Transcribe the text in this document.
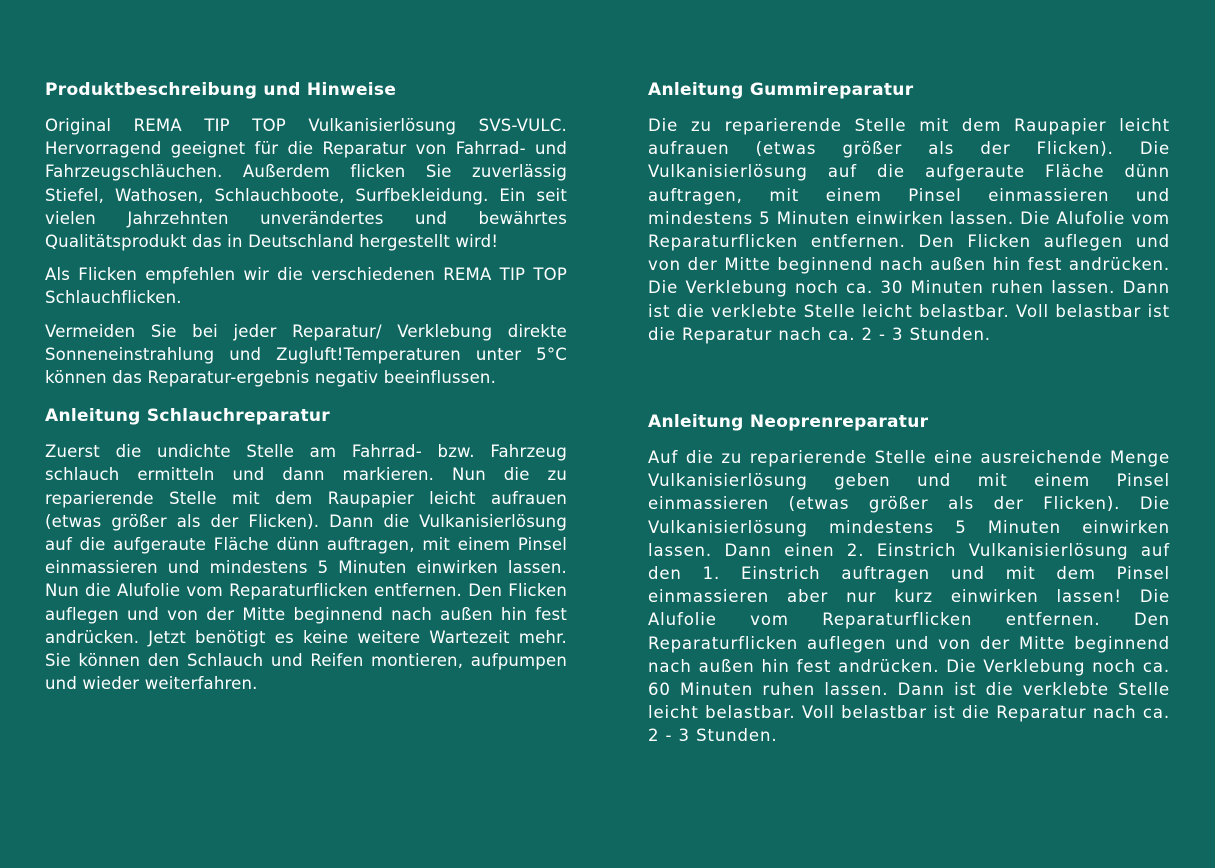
Produktbeschreibung und Hinweise

Original REMA TIP TOP Vulkanisierlösung SVS-VULC. Hervorragend geeignet für die Reparatur von Fahrrad- und Fahrzeugschläuchen. Außerdem flicken Sie zuverlässig Stiefel, Wathosen, Schlauchboote, Surfbekleidung. Ein seit vielen Jahrzehnten unverändertes und bewährtes Qualitätsprodukt das in Deutschland hergestellt wird!

Als Flicken empfehlen wir die verschiedenen REMA TIP TOP Schlauchflicken.

Vermeiden Sie bei jeder Reparatur/ Verklebung direkte Sonneneinstrahlung und Zugluft!Temperaturen unter 5°C können das Reparatur-ergebnis negativ beeinflussen.

Anleitung Schlauchreparatur

Zuerst die undichte Stelle am Fahrrad- bzw. Fahrzeug schlauch ermitteln und dann markieren. Nun die zu reparierende Stelle mit dem Raupapier leicht aufrauen (etwas größer als der Flicken). Dann die Vulkanisierlösung auf die aufgeraute Fläche dünn auftragen, mit einem Pinsel einmassieren und mindestens 5 Minuten einwirken lassen. Nun die Alufolie vom Reparaturflicken entfernen. Den Flicken auflegen und von der Mitte beginnend nach außen hin fest andrücken. Jetzt benötigt es keine weitere Wartezeit mehr. Sie können den Schlauch und Reifen montieren, aufpumpen und wieder weiterfahren.

Anleitung Gummireparatur

Die zu reparierende Stelle mit dem Raupapier leicht aufrauen (etwas größer als der Flicken). Die Vulkanisierlösung auf die aufgeraute Fläche dünn auftragen, mit einem Pinsel einmassieren und mindestens 5 Minuten einwirken lassen. Die Alufolie vom Reparaturflicken entfernen. Den Flicken auflegen und von der Mitte beginnend nach außen hin fest andrücken. Die Verklebung noch ca. 30 Minuten ruhen lassen. Dann ist die verklebte Stelle leicht belastbar. Voll belastbar ist die Reparatur nach ca. 2 - 3 Stunden.

Anleitung Neoprenreparatur

Auf die zu reparierende Stelle eine ausreichende Menge Vulkanisierlösung geben und mit einem Pinsel einmassieren (etwas größer als der Flicken). Die Vulkanisierlösung mindestens 5 Minuten einwirken lassen. Dann einen 2. Einstrich Vulkanisierlösung auf den 1. Einstrich auftragen und mit dem Pinsel einmassieren aber nur kurz einwirken lassen! Die Alufolie vom Reparaturflicken entfernen. Den Reparaturflicken auflegen und von der Mitte beginnend nach außen hin fest andrücken. Die Verklebung noch ca. 60 Minuten ruhen lassen. Dann ist die verklebte Stelle leicht belastbar. Voll belastbar ist die Reparatur nach ca. 2 - 3 Stunden.
